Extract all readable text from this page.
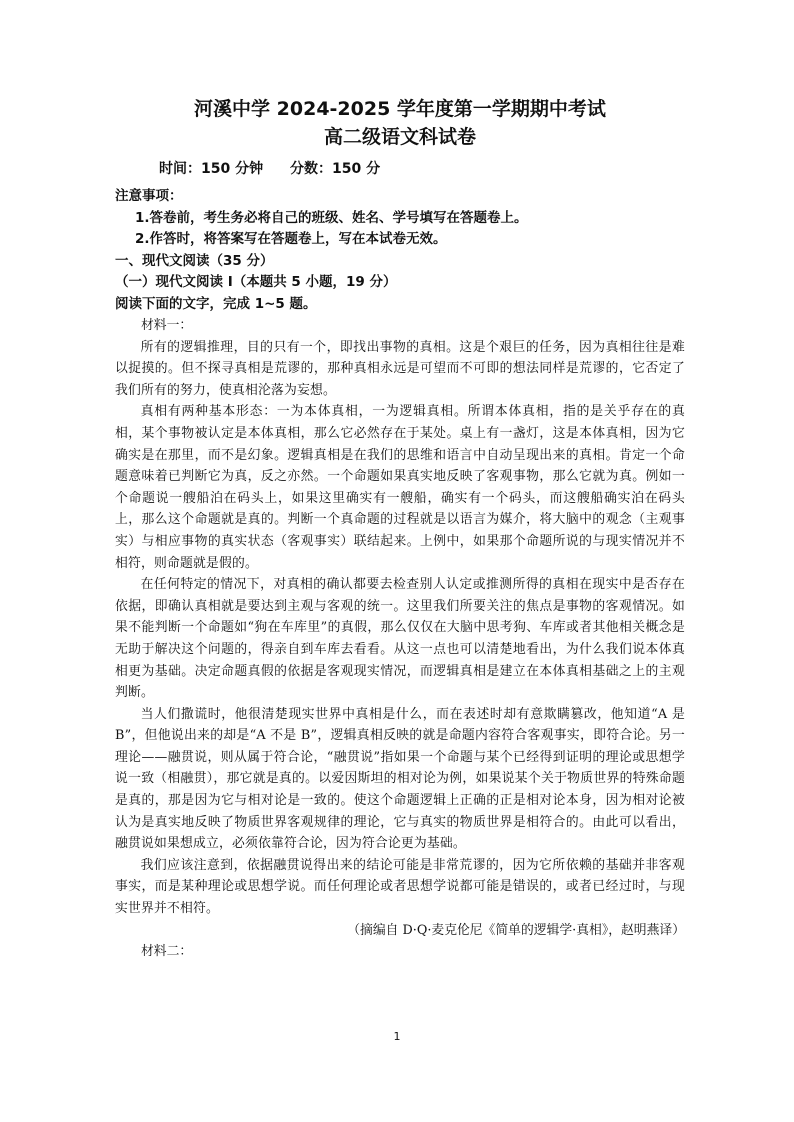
河溪中学 2024-2025 学年度第一学期期中考试
高二级语文科试卷
时间：150 分钟 分数：150 分

注意事项：

1.答卷前，考生务必将自己的班级、姓名、学号填写在答题卷上。

2.作答时，将答案写在答题卷上，写在本试卷无效。

一、现代文阅读（35 分）

（一）现代文阅读 I（本题共 5 小题，19 分）

阅读下面的文字，完成 1~5 题。

材料一：

所有的逻辑推理，目的只有一个，即找出事物的真相。这是个艰巨的任务，因为真相往往是难以捉摸的。但不探寻真相是荒谬的，那种真相永远是可望而不可即的想法同样是荒谬的，它否定了我们所有的努力，使真相沦落为妄想。

真相有两种基本形态：一为本体真相，一为逻辑真相。所谓本体真相，指的是关乎存在的真相，某个事物被认定是本体真相，那么它必然存在于某处。桌上有一盏灯，这是本体真相，因为它确实是在那里，而不是幻象。逻辑真相是在我们的思维和语言中自动呈现出来的真相。肯定一个命题意味着已判断它为真，反之亦然。一个命题如果真实地反映了客观事物，那么它就为真。例如一个命题说一艘船泊在码头上，如果这里确实有一艘船，确实有一个码头，而这艘船确实泊在码头上，那么这个命题就是真的。判断一个真命题的过程就是以语言为媒介，将大脑中的观念（主观事实）与相应事物的真实状态（客观事实）联结起来。上例中，如果那个命题所说的与现实情况并不相符，则命题就是假的。

在任何特定的情况下，对真相的确认都要去检查别人认定或推测所得的真相在现实中是否存在依据，即确认真相就是要达到主观与客观的统一。这里我们所要关注的焦点是事物的客观情况。如果不能判断一个命题如“狗在车库里”的真假，那么仅仅在大脑中思考狗、车库或者其他相关概念是无助于解决这个问题的，得亲自到车库去看看。从这一点也可以清楚地看出，为什么我们说本体真相更为基础。决定命题真假的依据是客观现实情况，而逻辑真相是建立在本体真相基础之上的主观判断。

当人们撒谎时，他很清楚现实世界中真相是什么，而在表述时却有意欺瞒篡改，他知道“A 是 B”，但他说出来的却是“A 不是 B”，逻辑真相反映的就是命题内容符合客观事实，即符合论。另一理论——融贯说，则从属于符合论，“融贯说”指如果一个命题与某个已经得到证明的理论或思想学说一致（相融贯），那它就是真的。以爱因斯坦的相对论为例，如果说某个关于物质世界的特殊命题是真的，那是因为它与相对论是一致的。使这个命题逻辑上正确的正是相对论本身，因为相对论被认为是真实地反映了物质世界客观规律的理论，它与真实的物质世界是相符合的。由此可以看出，融贯说如果想成立，必须依靠符合论，因为符合论更为基础。

我们应该注意到，依据融贯说得出来的结论可能是非常荒谬的，因为它所依赖的基础并非客观事实，而是某种理论或思想学说。而任何理论或者思想学说都可能是错误的，或者已经过时，与现实世界并不相符。

（摘编自 D·Q·麦克伦尼《简单的逻辑学·真相》，赵明燕译）

材料二：

1
